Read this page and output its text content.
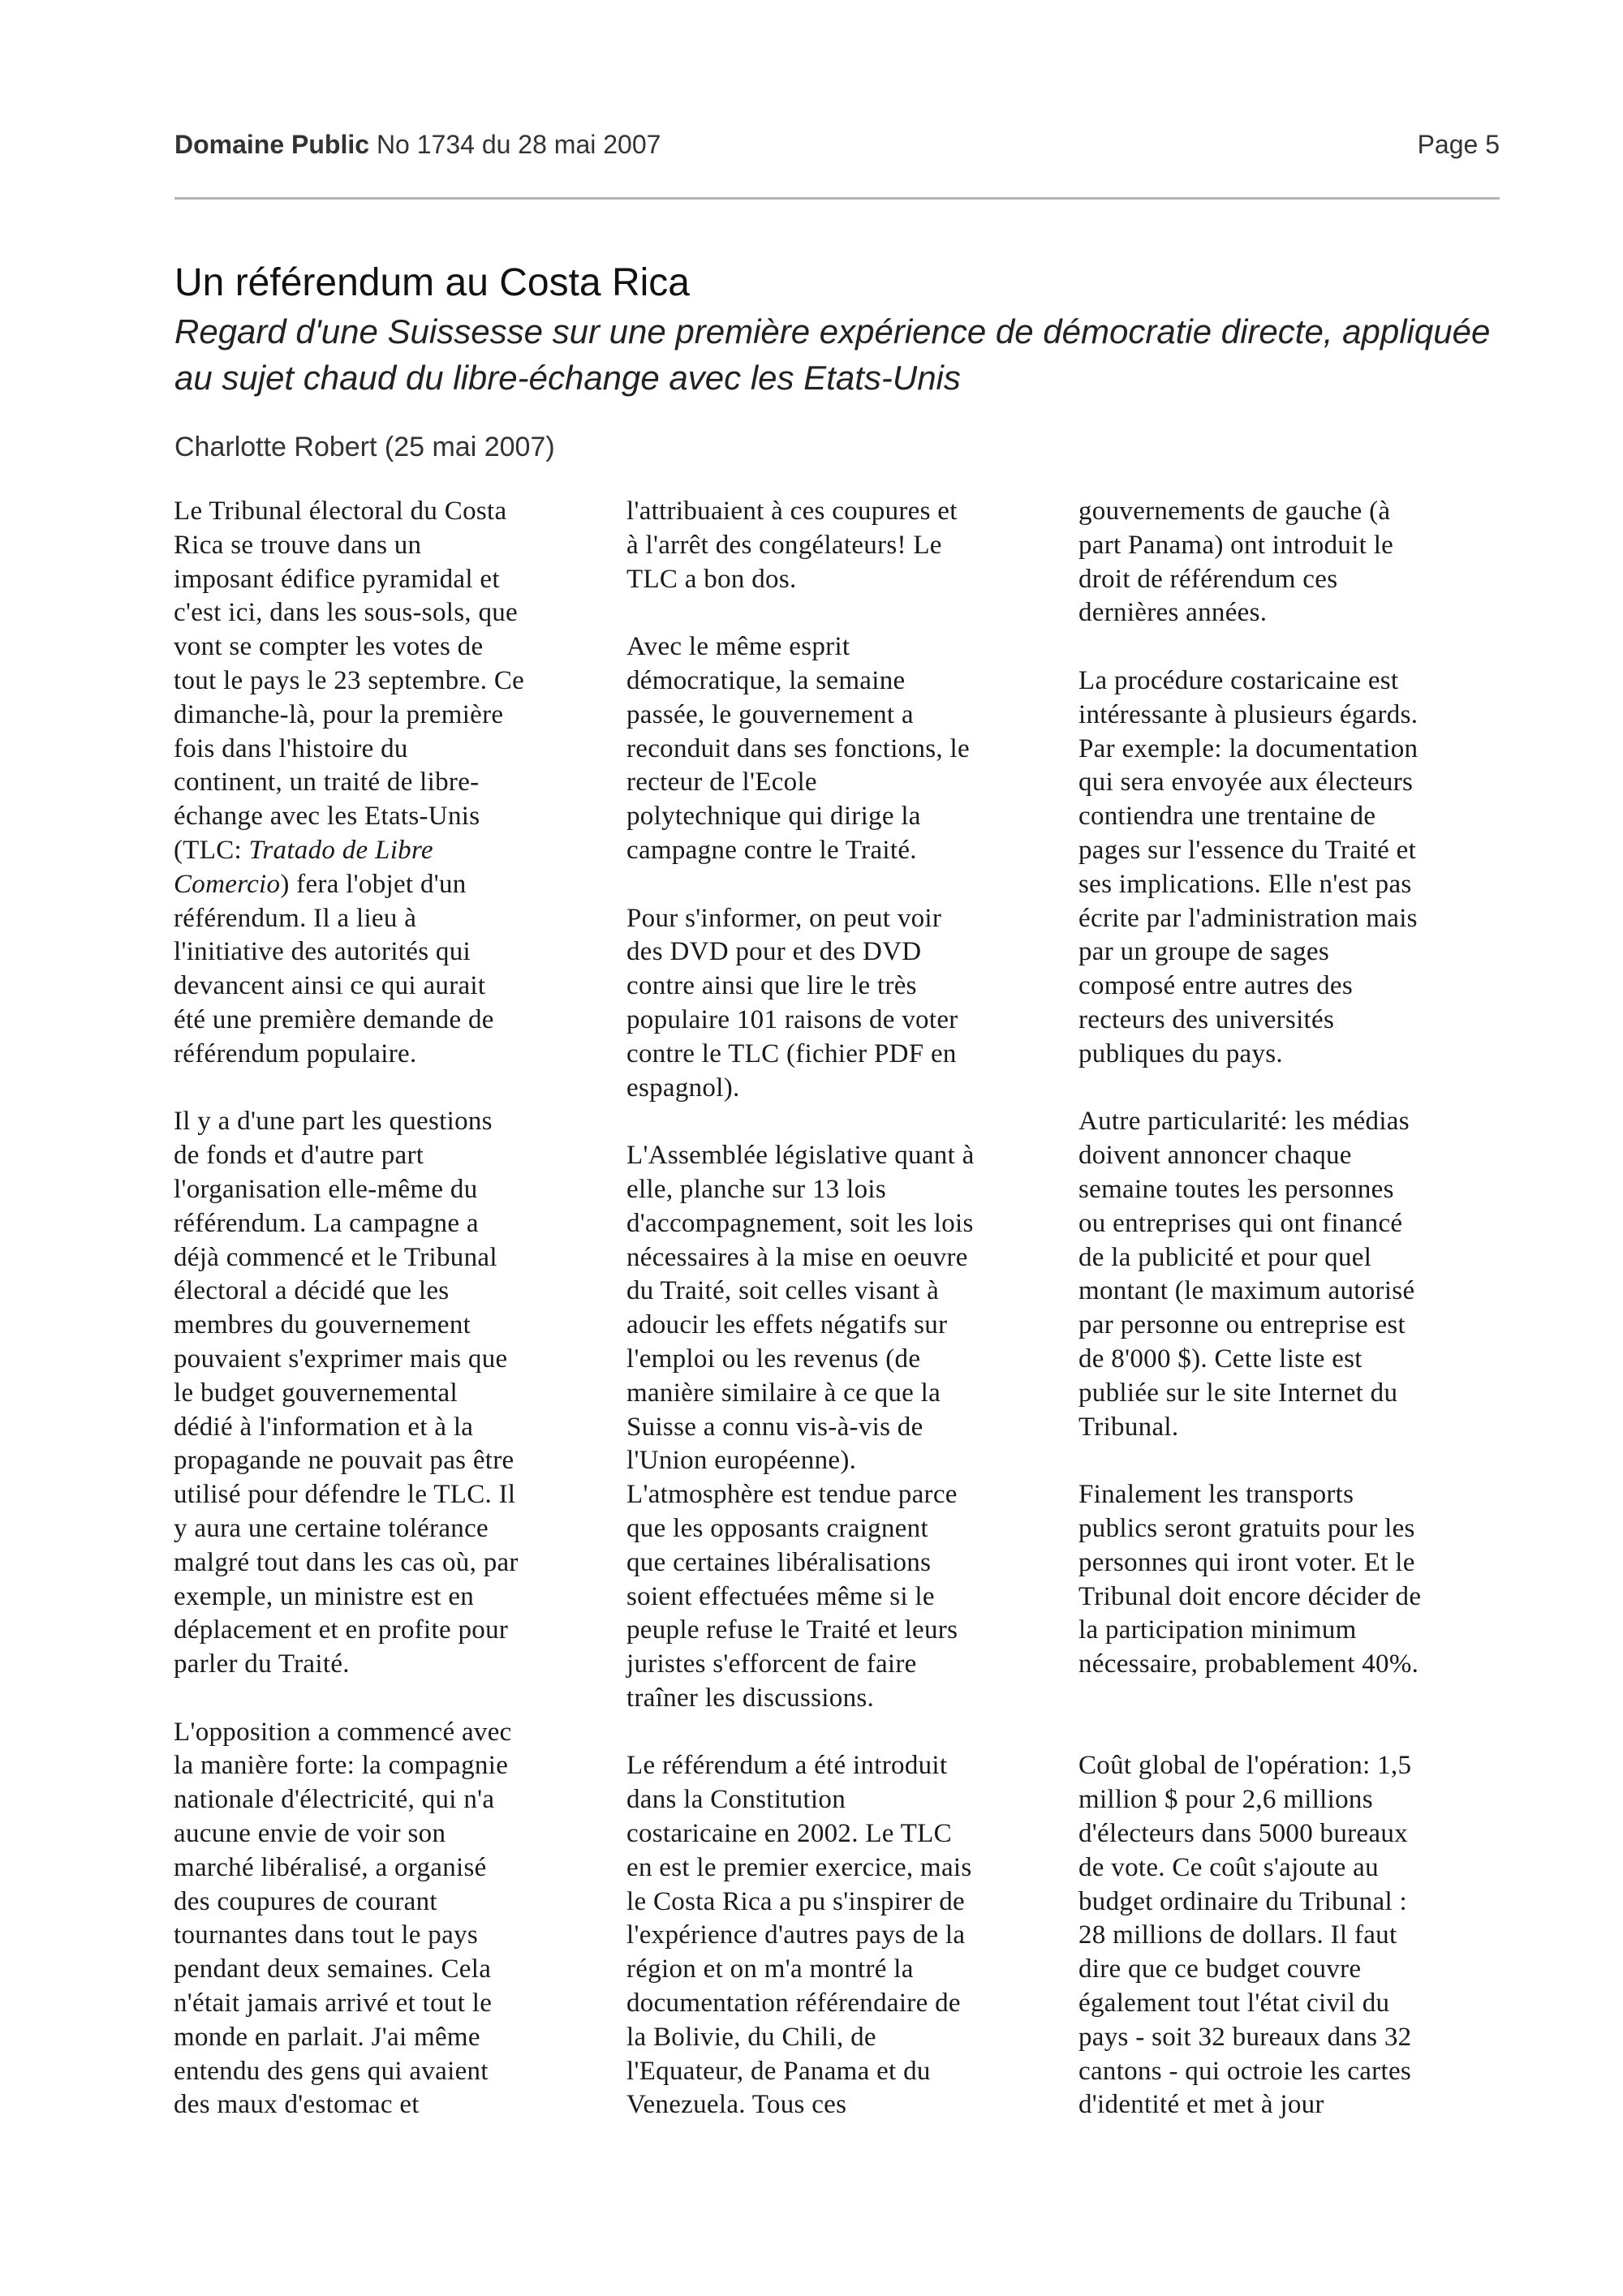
Domaine Public No 1734 du 28 mai 2007	Page 5
Un référendum au Costa Rica

Regard d'une Suissesse sur une première expérience de démocratie directe, appliquée au sujet chaud du libre-échange avec les Etats-Unis

Charlotte Robert (25 mai 2007)
Le Tribunal électoral du Costa
Rica se trouve dans un
imposant édifice pyramidal et
c'est ici, dans les sous-sols, que
vont se compter les votes de
tout le pays le 23 septembre. Ce
dimanche-là, pour la première
fois dans l'histoire du
continent, un traité de libre-
échange avec les Etats-Unis
(TLC: Tratado de Libre
Comercio) fera l'objet d'un
référendum. Il a lieu à
l'initiative des autorités qui
devancent ainsi ce qui aurait
été une première demande de
référendum populaire.
Il y a d'une part les questions
de fonds et d'autre part
l'organisation elle-même du
référendum. La campagne a
déjà commencé et le Tribunal
électoral a décidé que les
membres du gouvernement
pouvaient s'exprimer mais que
le budget gouvernemental
dédié à l'information et à la
propagande ne pouvait pas être
utilisé pour défendre le TLC. Il
y aura une certaine tolérance
malgré tout dans les cas où, par
exemple, un ministre est en
déplacement et en profite pour
parler du Traité.
L'opposition a commencé avec
la manière forte: la compagnie
nationale d'électricité, qui n'a
aucune envie de voir son
marché libéralisé, a organisé
des coupures de courant
tournantes dans tout le pays
pendant deux semaines. Cela
n'était jamais arrivé et tout le
monde en parlait. J'ai même
entendu des gens qui avaient
des maux d'estomac et
l'attribuaient à ces coupures et
à l'arrêt des congélateurs! Le
TLC a bon dos.
Avec le même esprit
démocratique, la semaine
passée, le gouvernement a
reconduit dans ses fonctions, le
recteur de l'Ecole
polytechnique qui dirige la
campagne contre le Traité.
Pour s'informer, on peut voir
des DVD pour et des DVD
contre ainsi que lire le très
populaire 101 raisons de voter
contre le TLC (fichier PDF en
espagnol).
L'Assemblée législative quant à
elle, planche sur 13 lois
d'accompagnement, soit les lois
nécessaires à la mise en oeuvre
du Traité, soit celles visant à
adoucir les effets négatifs sur
l'emploi ou les revenus (de
manière similaire à ce que la
Suisse a connu vis-à-vis de
l'Union européenne).
L'atmosphère est tendue parce
que les opposants craignent
que certaines libéralisations
soient effectuées même si le
peuple refuse le Traité et leurs
juristes s'efforcent de faire
traîner les discussions.
Le référendum a été introduit
dans la Constitution
costaricaine en 2002. Le TLC
en est le premier exercice, mais
le Costa Rica a pu s'inspirer de
l'expérience d'autres pays de la
région et on m'a montré la
documentation référendaire de
la Bolivie, du Chili, de
l'Equateur, de Panama et du
Venezuela. Tous ces
gouvernements de gauche (à
part Panama) ont introduit le
droit de référendum ces
dernières années.
La procédure costaricaine est
intéressante à plusieurs égards.
Par exemple: la documentation
qui sera envoyée aux électeurs
contiendra une trentaine de
pages sur l'essence du Traité et
ses implications. Elle n'est pas
écrite par l'administration mais
par un groupe de sages
composé entre autres des
recteurs des universités
publiques du pays.
Autre particularité: les médias
doivent annoncer chaque
semaine toutes les personnes
ou entreprises qui ont financé
de la publicité et pour quel
montant (le maximum autorisé
par personne ou entreprise est
de 8'000 $). Cette liste est
publiée sur le site Internet du
Tribunal.
Finalement les transports
publics seront gratuits pour les
personnes qui iront voter. Et le
Tribunal doit encore décider de
la participation minimum
nécessaire, probablement 40%.
Coût global de l'opération: 1,5
million $ pour 2,6 millions
d'électeurs dans 5000 bureaux
de vote. Ce coût s'ajoute au
budget ordinaire du Tribunal :
28 millions de dollars. Il faut
dire que ce budget couvre
également tout l'état civil du
pays - soit 32 bureaux dans 32
cantons - qui octroie les cartes
d'identité et met à jour
